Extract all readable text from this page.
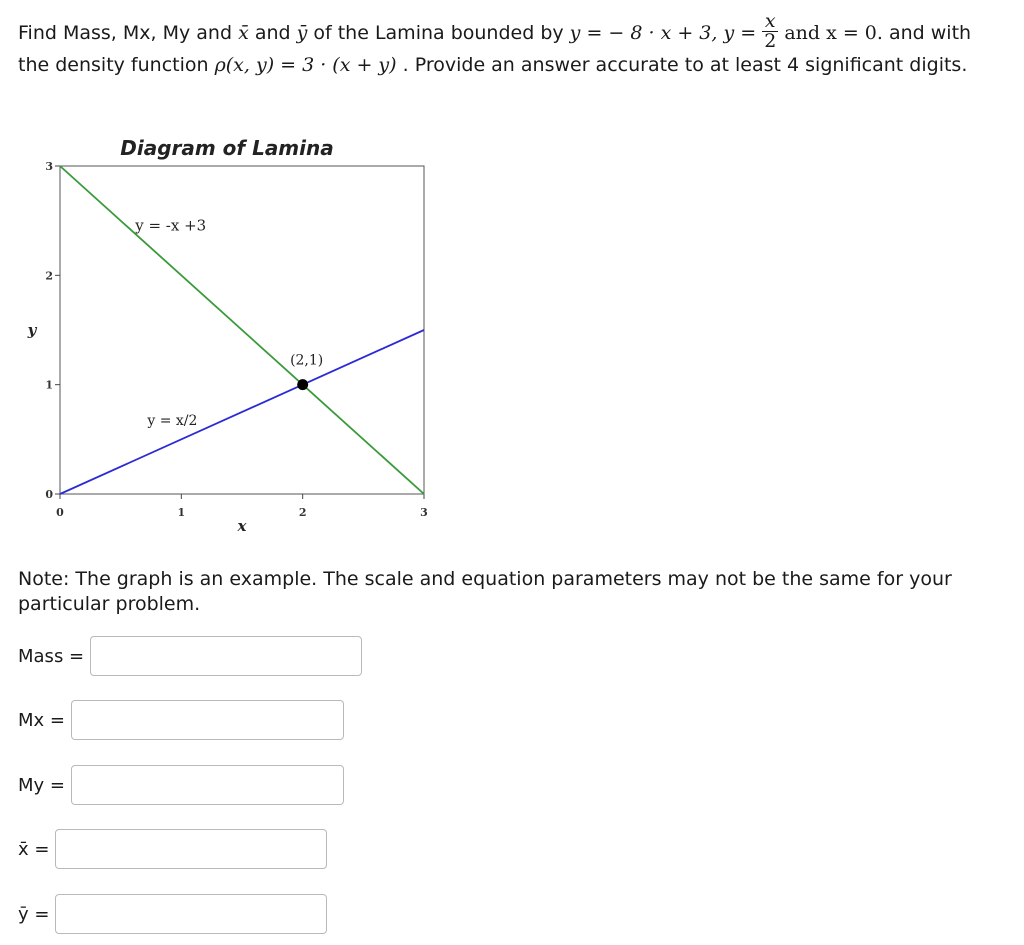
Find Mass, Mx, My and x̄ and ȳ of the Lamina bounded by y = − 8 · x + 3, $y = \frac{x}{2}$ and x = 0. and with the density function ρ(x, y) = 3 · (x + y) . Provide an answer accurate to at least 4 significant digits.
Diagram of Lamina
0
1
2
3
0	1	2	3
(2,1)
y = -x +3
y = x/2
x
y
Note: The graph is an example. The scale and equation parameters may not be the same for your particular problem.
Mass =
Mx =
My =
x̄ =
ȳ =
